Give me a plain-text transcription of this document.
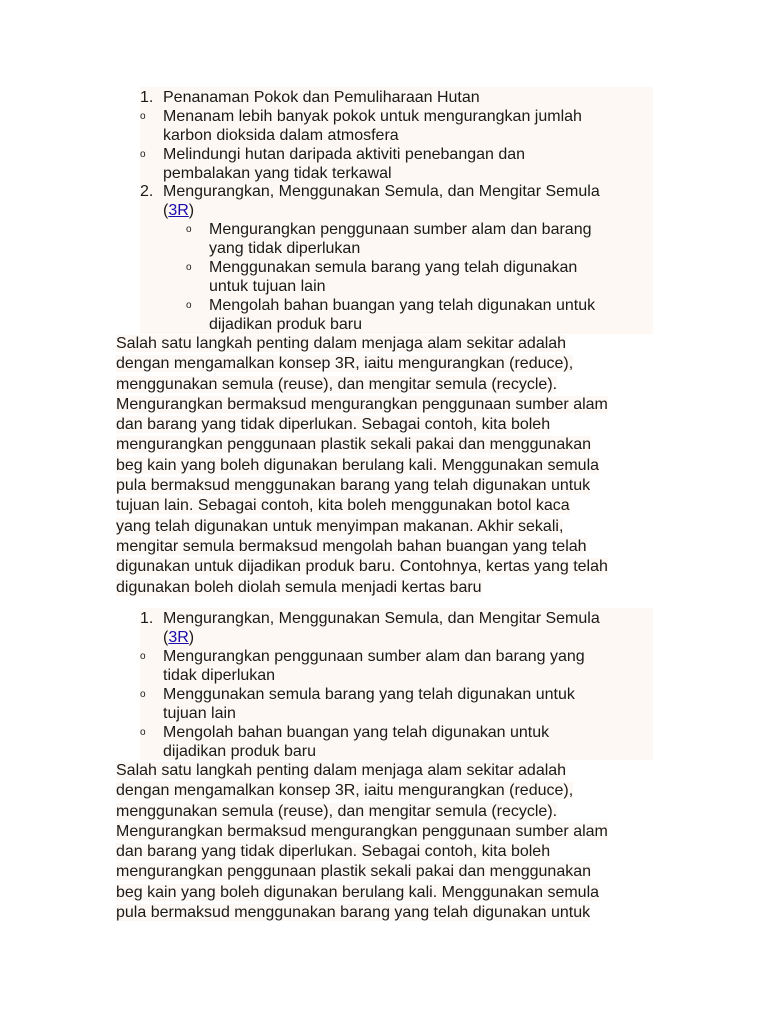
1. Penanaman Pokok dan Pemuliharaan Hutan
o Menanam lebih banyak pokok untuk mengurangkan jumlah
karbon dioksida dalam atmosfera
o Melindungi hutan daripada aktiviti penebangan dan
pembalakan yang tidak terkawal
2. Mengurangkan, Menggunakan Semula, dan Mengitar Semula
(3R)
o Mengurangkan penggunaan sumber alam dan barang
yang tidak diperlukan
o Menggunakan semula barang yang telah digunakan
untuk tujuan lain
o Mengolah bahan buangan yang telah digunakan untuk
dijadikan produk baru
Salah satu langkah penting dalam menjaga alam sekitar adalah
dengan mengamalkan konsep 3R, iaitu mengurangkan (reduce),
menggunakan semula (reuse), dan mengitar semula (recycle).
Mengurangkan bermaksud mengurangkan penggunaan sumber alam
dan barang yang tidak diperlukan. Sebagai contoh, kita boleh
mengurangkan penggunaan plastik sekali pakai dan menggunakan
beg kain yang boleh digunakan berulang kali. Menggunakan semula
pula bermaksud menggunakan barang yang telah digunakan untuk
tujuan lain. Sebagai contoh, kita boleh menggunakan botol kaca
yang telah digunakan untuk menyimpan makanan. Akhir sekali,
mengitar semula bermaksud mengolah bahan buangan yang telah
digunakan untuk dijadikan produk baru. Contohnya, kertas yang telah
digunakan boleh diolah semula menjadi kertas baru
1. Mengurangkan, Menggunakan Semula, dan Mengitar Semula
(3R)
o Mengurangkan penggunaan sumber alam dan barang yang
tidak diperlukan
o Menggunakan semula barang yang telah digunakan untuk
tujuan lain
o Mengolah bahan buangan yang telah digunakan untuk
dijadikan produk baru
Salah satu langkah penting dalam menjaga alam sekitar adalah
dengan mengamalkan konsep 3R, iaitu mengurangkan (reduce),
menggunakan semula (reuse), dan mengitar semula (recycle).
Mengurangkan bermaksud mengurangkan penggunaan sumber alam
dan barang yang tidak diperlukan. Sebagai contoh, kita boleh
mengurangkan penggunaan plastik sekali pakai dan menggunakan
beg kain yang boleh digunakan berulang kali. Menggunakan semula
pula bermaksud menggunakan barang yang telah digunakan untuk
